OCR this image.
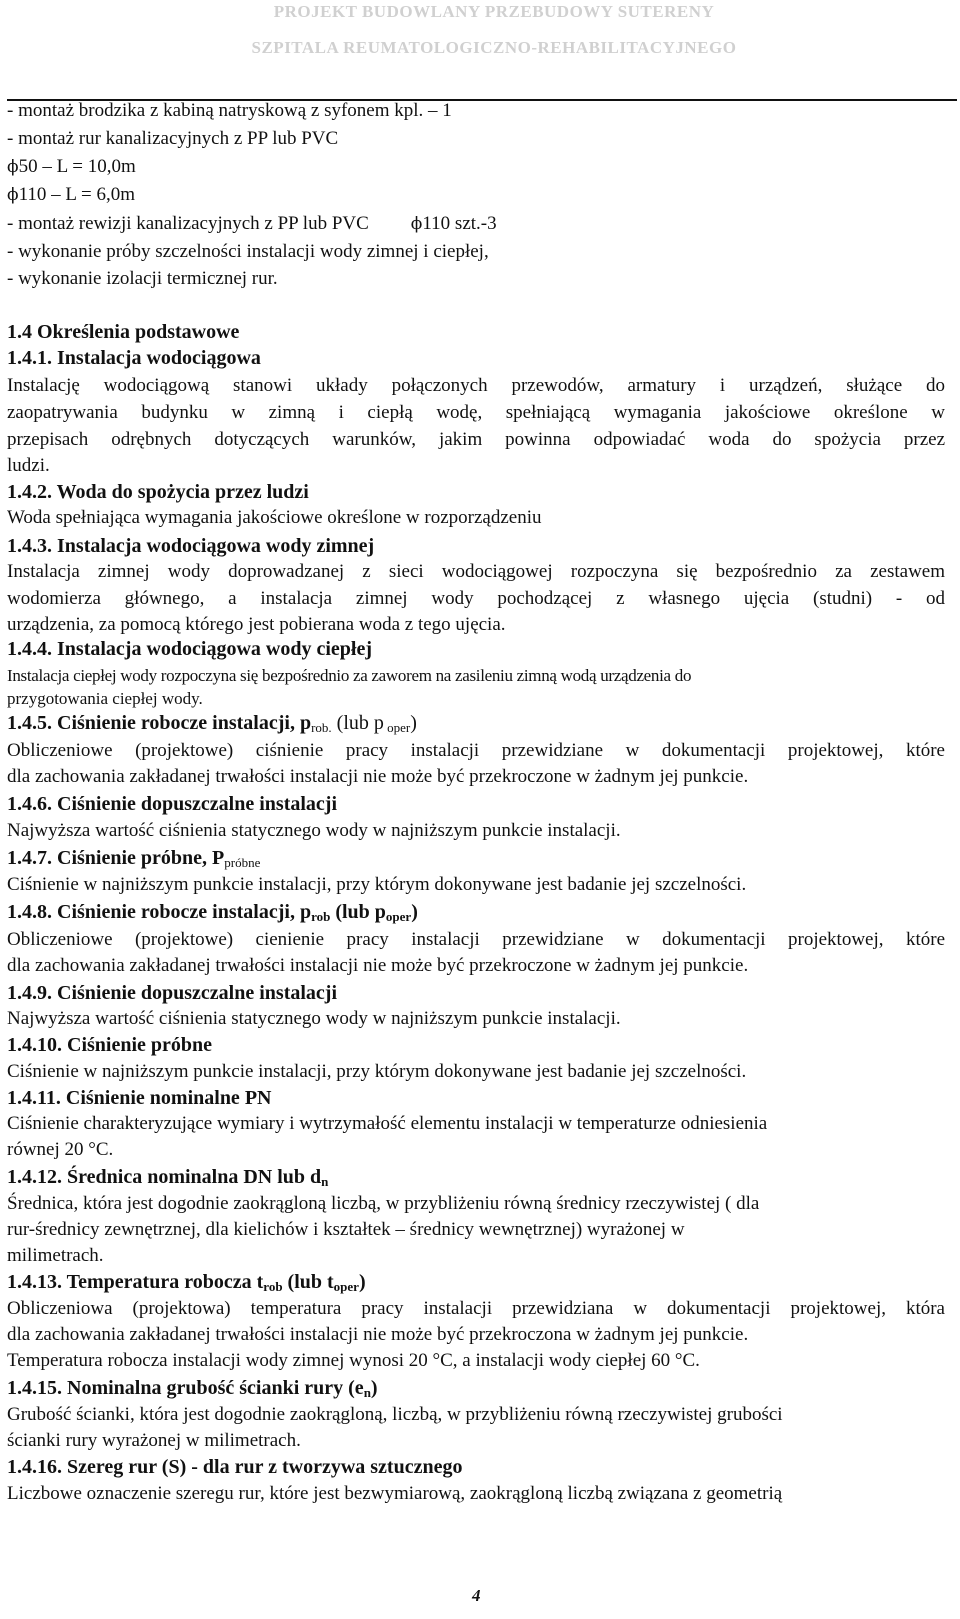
PROJEKT BUDOWLANY PRZEBUDOWY SUTERENY
SZPITALA REUMATOLOGICZNO-REHABILITACYJNEGO
- montaż brodzika z kabiną natryskową z syfonem kpl. – 1
- montaż rur kanalizacyjnych z PP lub PVC
ϕ50 – L = 10,0m
ϕ110 – L = 6,0m
- montaż rewizji kanalizacyjnych z PP lub PVC ϕ110 szt.-3
- wykonanie próby szczelności instalacji wody zimnej i ciepłej,
- wykonanie izolacji termicznej rur.
1.4 Określenia podstawowe
1.4.1. Instalacja wodociągowa
Instalację wodociągową stanowi układy połączonych przewodów, armatury i urządzeń, służące do
zaopatrywania budynku w zimną i ciepłą wodę, spełniającą wymagania jakościowe określone w
przepisach odrębnych dotyczących warunków, jakim powinna odpowiadać woda do spożycia przez
ludzi.
1.4.2. Woda do spożycia przez ludzi
Woda spełniająca wymagania jakościowe określone w rozporządzeniu
1.4.3. Instalacja wodociągowa wody zimnej
Instalacja zimnej wody doprowadzanej z sieci wodociągowej rozpoczyna się bezpośrednio za zestawem
wodomierza głównego, a instalacja zimnej wody pochodzącej z własnego ujęcia (studni) - od
urządzenia, za pomocą którego jest pobierana woda z tego ujęcia.
1.4.4. Instalacja wodociągowa wody ciepłej
Instalacja ciepłej wody rozpoczyna się bezpośrednio za zaworem na zasileniu zimną wodą urządzenia do
przygotowania ciepłej wody.
1.4.5. Ciśnienie robocze instalacji, $p_{rob.}$ (lub p $_{oper}$)
Obliczeniowe (projektowe) ciśnienie pracy instalacji przewidziane w dokumentacji projektowej, które
dla zachowania zakładanej trwałości instalacji nie może być przekroczone w żadnym jej punkcie.
1.4.6. Ciśnienie dopuszczalne instalacji
Najwyższa wartość ciśnienia statycznego wody w najniższym punkcie instalacji.
1.4.7. Ciśnienie próbne, $P_{próbne}$
Ciśnienie w najniższym punkcie instalacji, przy którym dokonywane jest badanie jej szczelności.
1.4.8. Ciśnienie robocze instalacji, $p_{rob}$ (lub $p_{oper}$)
Obliczeniowe (projektowe) cienienie pracy instalacji przewidziane w dokumentacji projektowej, które
dla zachowania zakładanej trwałości instalacji nie może być przekroczone w żadnym jej punkcie.
1.4.9. Ciśnienie dopuszczalne instalacji
Najwyższa wartość ciśnienia statycznego wody w najniższym punkcie instalacji.
1.4.10. Ciśnienie próbne
Ciśnienie w najniższym punkcie instalacji, przy którym dokonywane jest badanie jej szczelności.
1.4.11. Ciśnienie nominalne PN
Ciśnienie charakteryzujące wymiary i wytrzymałość elementu instalacji w temperaturze odniesienia
równej 20 °C.
1.4.12. Średnica nominalna DN lub $d_n$
Średnica, która jest dogodnie zaokrągloną liczbą, w przybliżeniu równą średnicy rzeczywistej ( dla
rur-średnicy zewnętrznej, dla kielichów i kształtek – średnicy wewnętrznej) wyrażonej w
milimetrach.
1.4.13. Temperatura robocza $t_{rob}$ (lub $t_{oper}$)
Obliczeniowa (projektowa) temperatura pracy instalacji przewidziana w dokumentacji projektowej, która
dla zachowania zakładanej trwałości instalacji nie może być przekroczona w żadnym jej punkcie.
Temperatura robocza instalacji wody zimnej wynosi 20 °C, a instalacji wody ciepłej 60 °C.
1.4.15. Nominalna grubość ścianki rury $(e_n)$
Grubość ścianki, która jest dogodnie zaokrągloną, liczbą, w przybliżeniu równą rzeczywistej grubości
ścianki rury wyrażonej w milimetrach.
1.4.16. Szereg rur (S) - dla rur z tworzywa sztucznego
Liczbowe oznaczenie szeregu rur, które jest bezwymiarową, zaokrągloną liczbą związana z geometrią
4
